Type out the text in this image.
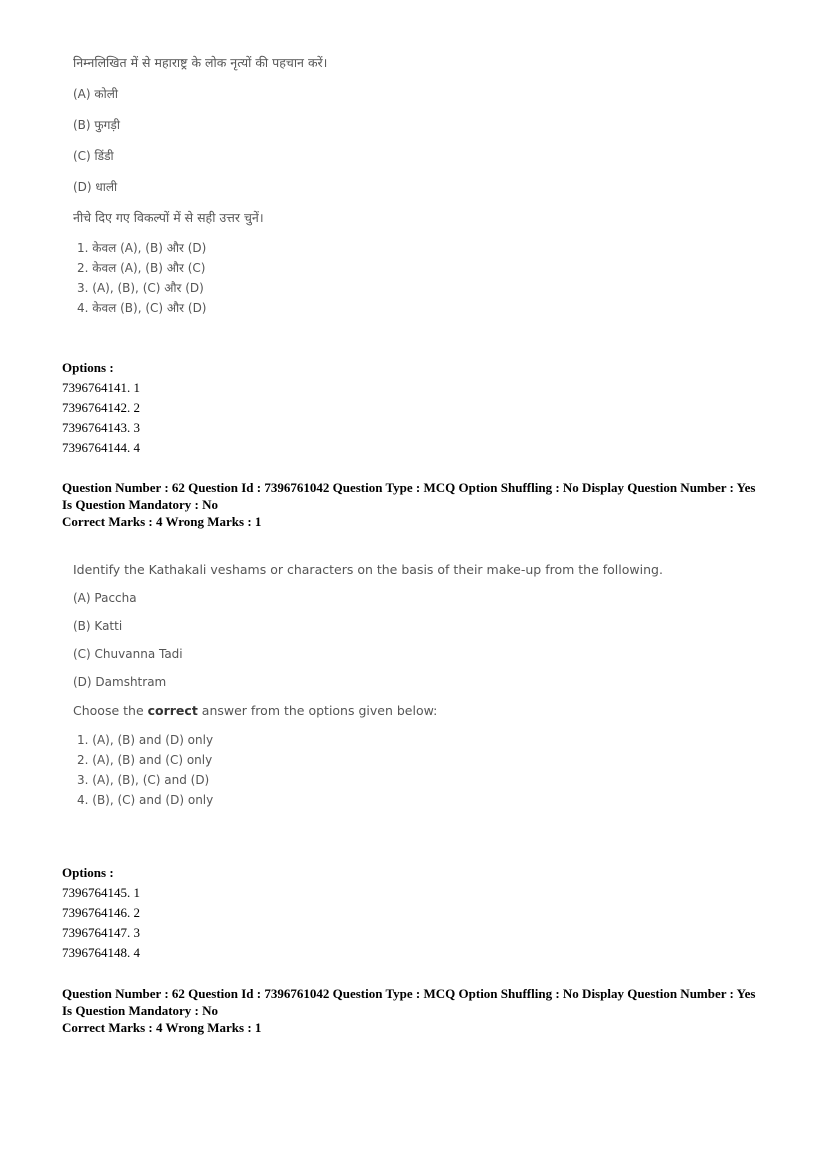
निम्नलिखित में से महाराष्ट्र के लोक नृत्यों की पहचान करें।

(A) कोली

(B) फुगड़ी

(C) डिंडी

(D) धाली

नीचे दिए गए विकल्पों में से सही उत्तर चुनें।

1. केवल (A), (B) और (D)
2. केवल (A), (B) और (C)
3. (A), (B), (C) और (D)
4. केवल (B), (C) और (D)
Options :
7396764141. 1
7396764142. 2
7396764143. 3
7396764144. 4
Question Number : 62 Question Id : 7396761042 Question Type : MCQ Option Shuffling : No Display Question Number : Yes
Is Question Mandatory : No
Correct Marks : 4 Wrong Marks : 1

Identify the Kathakali veshams or characters on the basis of their make-up from the following.

(A) Paccha

(B) Katti

(C) Chuvanna Tadi

(D) Damshtram

Choose the correct answer from the options given below:

1. (A), (B) and (D) only
2. (A), (B) and (C) only
3. (A), (B), (C) and (D)
4. (B), (C) and (D) only
Options :
7396764145. 1
7396764146. 2
7396764147. 3
7396764148. 4
Question Number : 62 Question Id : 7396761042 Question Type : MCQ Option Shuffling : No Display Question Number : Yes
Is Question Mandatory : No
Correct Marks : 4 Wrong Marks : 1
